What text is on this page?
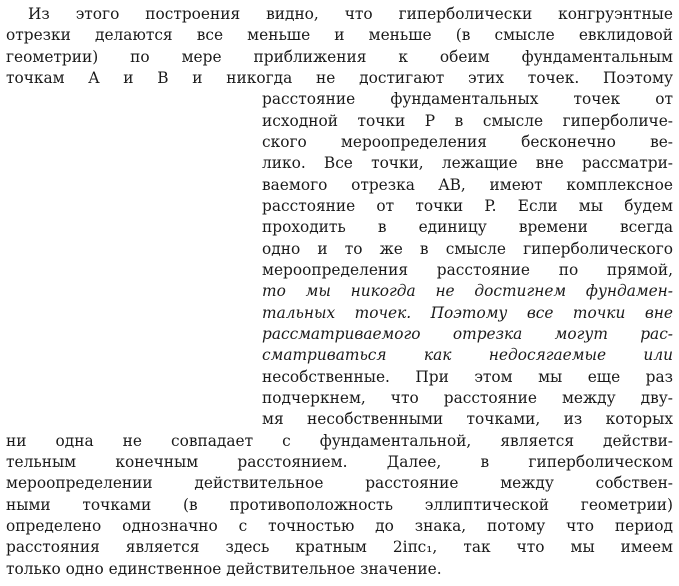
Из этого построения видно, что гиперболически конгруэнтные
отрезки делаются все меньше и меньше (в смысле евклидовой
геометрии) по мере приближения к обеим фундаментальным
точкам A и B и никогда не достигают этих точек. Поэтому
расстояние фундаментальных точек от
исходной точки P в смысле гиперболиче-
ского мероопределения бесконечно ве-
лико. Все точки, лежащие вне рассматри-
ваемого отрезка AB, имеют комплексное
расстояние от точки P. Если мы будем
проходить в единицу времени всегда
одно и то же в смысле гиперболического
мероопределения расстояние по прямой,
то мы никогда не достигнем фундамен-
тальных точек. Поэтому все точки вне
рассматриваемого отрезка могут рас-
сматриваться как недосягаемые или
несобственные. При этом мы еще раз
подчеркнем, что расстояние между дву-
мя несобственными точками, из которых
ни одна не совпадает с фундаментальной, является действи-
тельным конечным расстоянием. Далее, в гиперболическом
мероопределении действительное расстояние между собствен-
ными точками (в противоположность эллиптической геометрии)
определено однозначно с точностью до знака, потому что период
расстояния является здесь кратным 2iπc₁, так что мы имеем
только одно единственное действительное значение.
